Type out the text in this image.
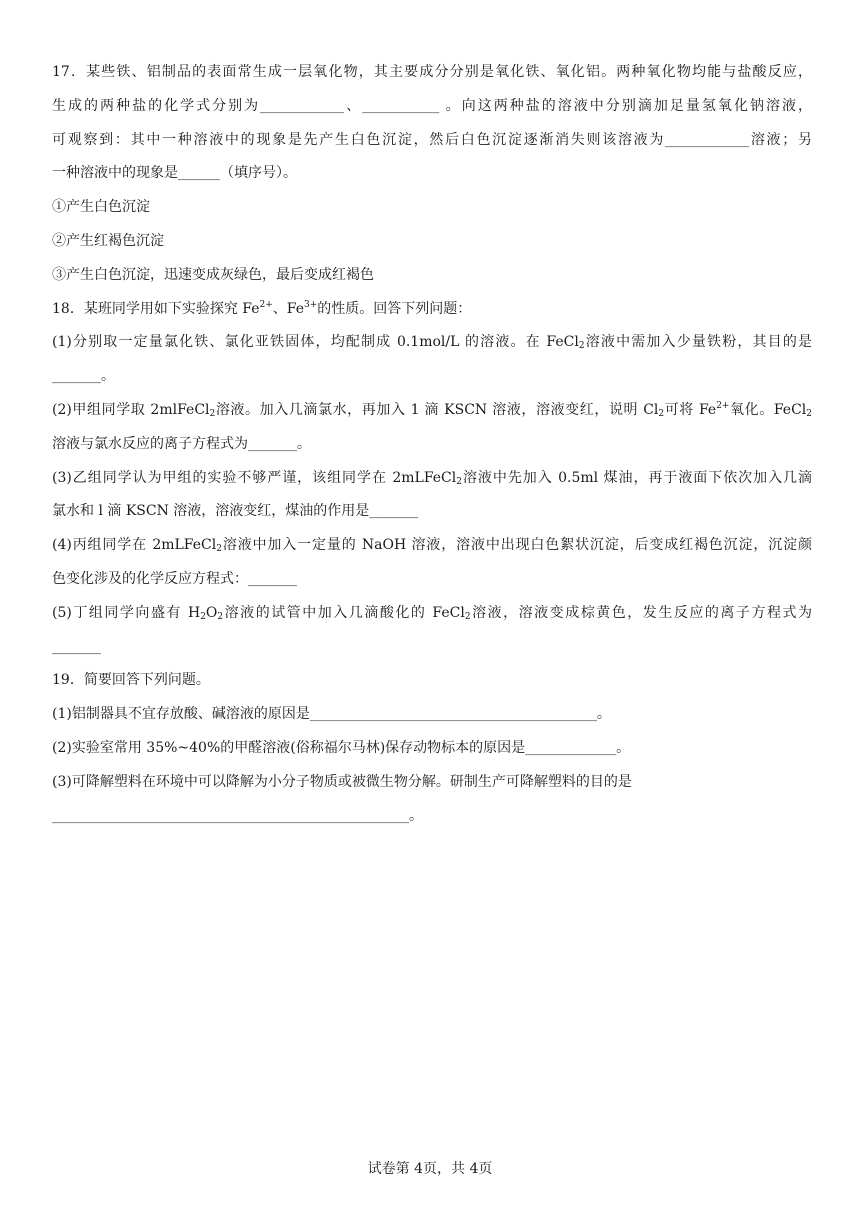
17．某些铁、铝制品的表面常生成一层氧化物，其主要成分分别是氧化铁、氧化铝。两种氧化物均能与盐酸反应，
生成的两种盐的化学式分别为____________、___________ 。向这两种盐的溶液中分别滴加足量氢氧化钠溶液，
可观察到：其中一种溶液中的现象是先产生白色沉淀，然后白色沉淀逐渐消失则该溶液为____________溶液；另
一种溶液中的现象是______（填序号）。
①产生白色沉淀
②产生红褐色沉淀
③产生白色沉淀，迅速变成灰绿色，最后变成红褐色
18．某班同学用如下实验探究 $Fe^{2+}$、$Fe^{3+}$的性质。回答下列问题：
(1)分别取一定量氯化铁、氯化亚铁固体，均配制成 0.1mol/L 的溶液。在 FeCl$_2$溶液中需加入少量铁粉，其目的是
_______。
(2)甲组同学取 2mlFeCl$_2$溶液。加入几滴氯水，再加入 1 滴 KSCN 溶液，溶液变红，说明 $Cl_2$可将 $Fe^{2+}$氧化。FeCl$_2$
溶液与氯水反应的离子方程式为_______。
(3)乙组同学认为甲组的实验不够严谨，该组同学在 2mLFeCl$_2$溶液中先加入 0.5ml 煤油，再于液面下依次加入几滴
氯水和 l 滴 KSCN 溶液，溶液变红，煤油的作用是_______
(4)丙组同学在 2mLFeCl$_2$溶液中加入一定量的 NaOH 溶液，溶液中出现白色絮状沉淀，后变成红褐色沉淀，沉淀颜
色变化涉及的化学反应方程式：_______
(5)丁组同学向盛有 $H_2O_2$溶液的试管中加入几滴酸化的 FeCl$_2$溶液，溶液变成棕黄色，发生反应的离子方程式为
_______
19．简要回答下列问题。
(1)铝制器具不宜存放酸、碱溶液的原因是_________________________________________。
(2)实验室常用 35%~40%的甲醛溶液(俗称福尔马林)保存动物标本的原因是_____________。
(3)可降解塑料在环境中可以降解为小分子物质或被微生物分解。研制生产可降解塑料的目的是
___________________________________________________。
试卷第 4页，共 4页
